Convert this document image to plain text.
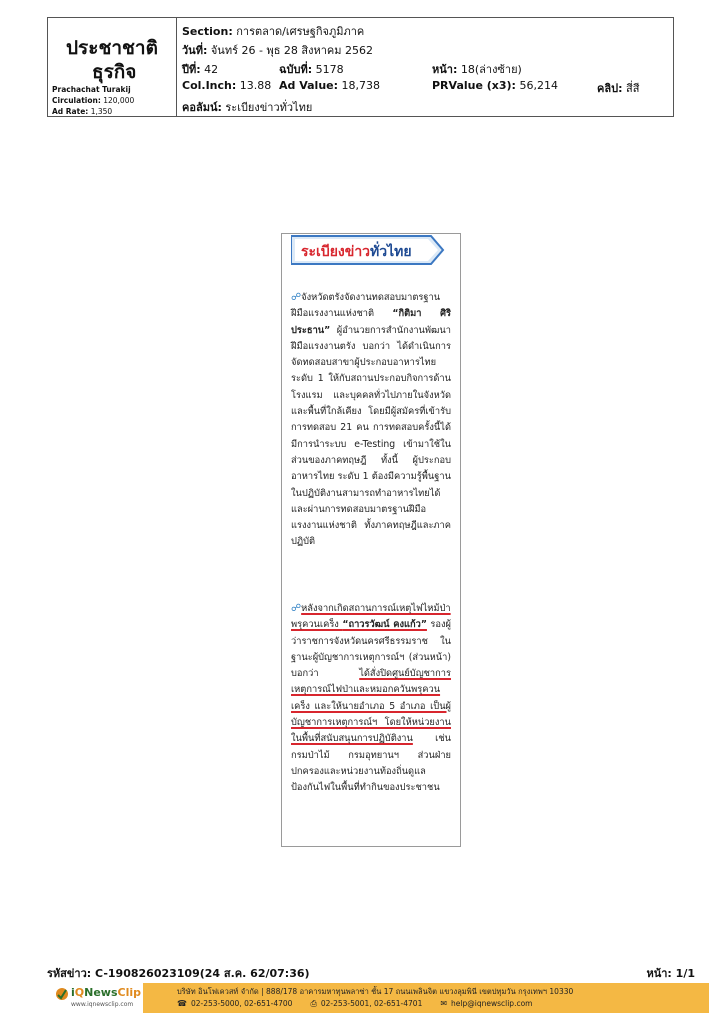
ประชาชาติ
ธุรกิจ
Prachachat Turakij
Circulation: 120,000
Ad Rate: 1,350
Section: การตลาด/เศรษฐกิจภูมิภาค
วันที่: จันทร์ 26 - พุธ 28 สิงหาคม 2562
ปีที่: 42	ฉบับที่: 5178	หน้า: 18(ล่างซ้าย)
Col.Inch: 13.88 Ad Value: 18,738	PRValue (x3): 56,214	คลิป: สี่สี
คอลัมน์: ระเบียงข่าวทั่วไทย
ระเบียงข่าวทั่วไทย
☍จังหวัดตรังจัดงานทดสอบมาตรฐานฝีมือแรงงานแห่งชาติ “กิติมา ศิริประธาน” ผู้อำนวยการสำนักงานพัฒนาฝีมือแรงงานตรัง บอกว่า ได้ดำเนินการจัดทดสอบสาขาผู้ประกอบอาหารไทย ระดับ 1 ให้กับสถานประกอบกิจการด้านโรงแรม และบุคคลทั่วไปภายในจังหวัดและพื้นที่ใกล้เคียง โดยมีผู้สมัครที่เข้ารับการทดสอบ 21 คน การทดสอบครั้งนี้ได้มีการนำระบบ e-Testing เข้ามาใช้ในส่วนของภาคทฤษฎี ทั้งนี้ ผู้ประกอบอาหารไทย ระดับ 1 ต้องมีความรู้พื้นฐานในปฏิบัติงานสามารถทำอาหารไทยได้ และผ่านการทดสอบมาตรฐานฝีมือแรงงานแห่งชาติ ทั้งภาคทฤษฎีและภาคปฏิบัติ
☍หลังจากเกิดสถานการณ์เหตุไฟไหม้ป่าพรุควนเคร็ง “ถาวรวัฒน์ คงแก้ว” รองผู้ว่าราชการจังหวัดนครศรีธรรมราช ในฐานะผู้บัญชาการเหตุการณ์ฯ (ส่วนหน้า) บอกว่า ได้สั่งปิดศูนย์บัญชาการเหตุการณ์ไฟป่าและหมอกควันพรุควนเคร็ง และให้นายอำเภอ 5 อำเภอ เป็นผู้บัญชาการเหตุการณ์ฯ โดยให้หน่วยงานในพื้นที่สนับสนุนการปฏิบัติงาน เช่น กรมป่าไม้ กรมอุทยานฯ ส่วนฝ่ายปกครองและหน่วยงานท้องถิ่นดูแลป้องกันไฟในพื้นที่ทำกินของประชาชน
รหัสข่าว: C-190826023109(24 ส.ค. 62/07:36)	หน้า: 1/1
iQNewsClip
www.iqnewsclip.com
บริษัท อินโฟเควสท์ จำกัด | 888/178 อาคารมหาทุนพลาซ่า ชั้น 17 ถนนเพลินจิต แขวงลุมพินี เขตปทุมวัน กรุงเทพฯ 10330
☎ 02-253-5000, 02-651-4700 ⎙ 02-253-5001, 02-651-4701 ✉ help@iqnewsclip.com
